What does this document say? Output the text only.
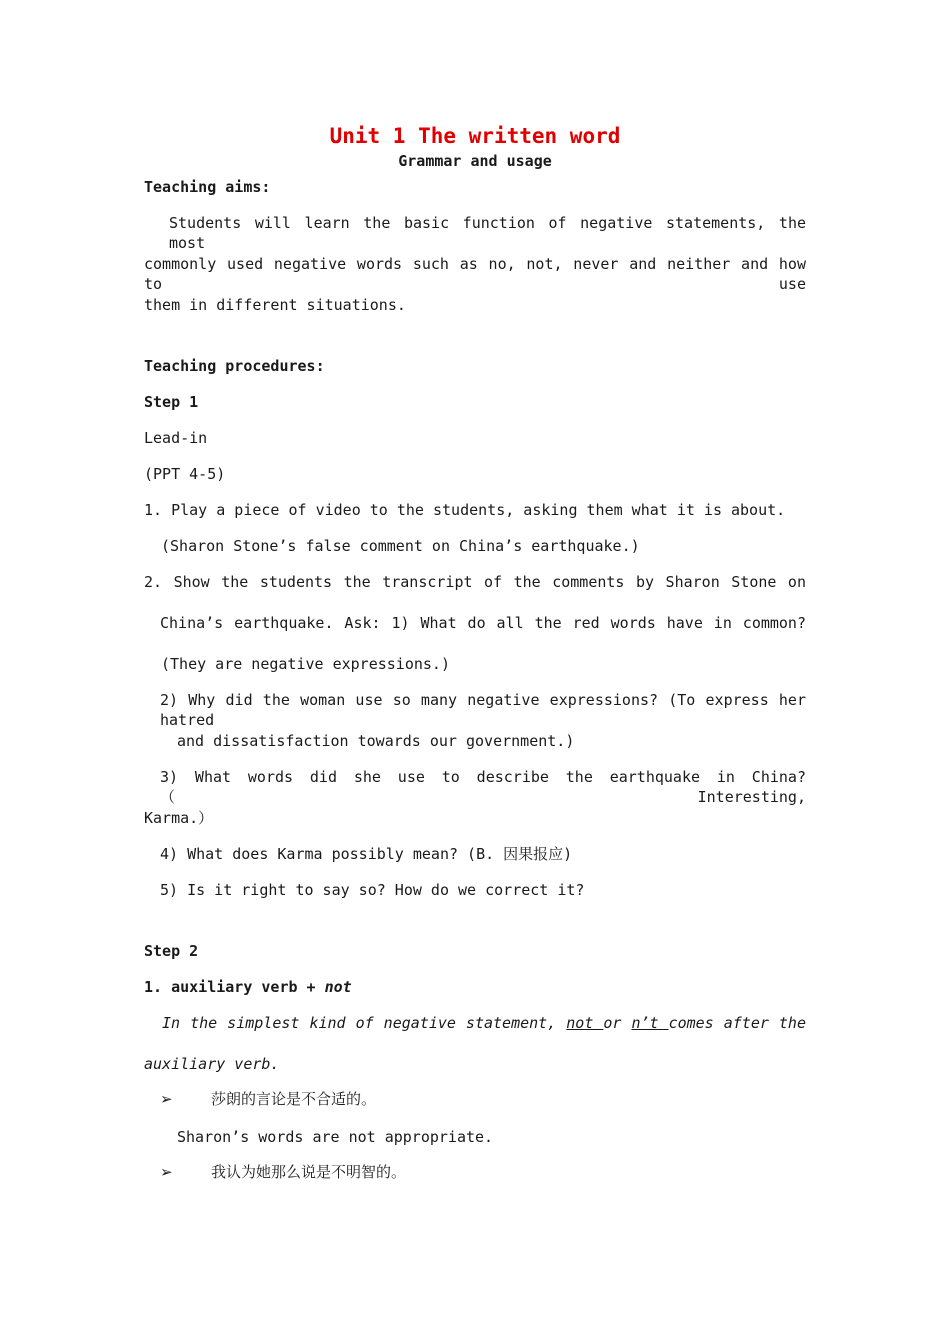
Unit 1 The written word
Grammar and usage
Teaching aims:
Students will learn the basic function of negative statements, the most
commonly used negative words such as no, not, never and neither and how to use
them in different situations.
Teaching procedures:
Step 1
Lead-in
(PPT 4-5)
1. Play a piece of video to the students, asking them what it is about.
(Sharon Stone’s false comment on China’s earthquake.)
2. Show the students the transcript of the comments by Sharon Stone on
China’s earthquake. Ask: 1) What do all the red words have in common?
(They are negative expressions.)
2) Why did the woman use so many negative expressions? (To express her hatred
and dissatisfaction towards our government.)
3) What words did she use to describe the earthquake in China? （Interesting,
Karma.）
4) What does Karma possibly mean? (B. 因果报应)
5) Is it right to say so? How do we correct it?
Step 2
1. auxiliary verb + not
In the simplest kind of negative statement, not or n’t comes after the
auxiliary verb.
➢	莎朗的言论是不合适的。
Sharon’s words are not appropriate.
➢	我认为她那么说是不明智的。
